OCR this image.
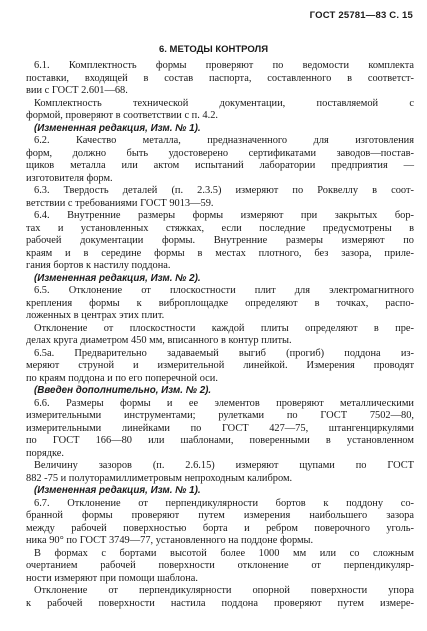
ГОСТ 25781—83 С. 15
6. МЕТОДЫ КОНТРОЛЯ
6.1. Комплектность формы проверяют по ведомости комплекта
поставки, входящей в состав паспорта, составленного в соответст-
вии с ГОСТ 2.601—68.
Комплектность технической документации, поставляемой с
формой, проверяют в соответствии с п. 4.2.
(Измененная редакция, Изм. № 1).
6.2. Качество металла, предназначенного для изготовления
форм, должно быть удостоверено сертификатами заводов—постав-
щиков металла или актом испытаний лаборатории предприятия —
изготовителя форм.
6.3. Твердость деталей (п. 2.3.5) измеряют по Роквеллу в соот-
ветствии с требованиями ГОСТ 9013—59.
6.4. Внутренние размеры формы измеряют при закрытых бор-
тах и установленных стяжках, если последние предусмотрены в
рабочей документации формы. Внутренние размеры измеряют по
краям и в середине формы в местах плотного, без зазора, приле-
гания бортов к настилу поддона.
(Измененная редакция, Изм. № 2).
6.5. Отклонение от плоскостности плит для электромагнитного
крепления формы к виброплощадке определяют в точках, распо-
ложенных в центрах этих плит.
Отклонение от плоскостности каждой плиты определяют в пре-
делах круга диаметром 450 мм, вписанного в контур плиты.
6.5а. Предварительно задаваемый выгиб (прогиб) поддона из-
меряют струной и измерительной линейкой. Измерения проводят
по краям поддона и по его поперечной оси.
(Введен дополнительно, Изм. № 2).
6.6. Размеры формы и ее элементов проверяют металлическими
измерительными инструментами; рулетками по ГОСТ 7502—80,
измерительными линейками по ГОСТ 427—75, штангенциркулями
по ГОСТ 166—80 или шаблонами, поверенными в установленном
порядке.
Величину зазоров (п. 2.6.15) измеряют щупами по ГОСТ
882 -75 и полуторамиллиметровым непроходным калибром.
(Измененная редакция, Изм. № 1).
6.7. Отклонение от перпендикулярности бортов к поддону со-
бранной формы проверяют путем измерения наибольшего зазора
между рабочей поверхностью борта и ребром поверочного уголь-
ника 90° по ГОСТ 3749—77, установленного на поддоне формы.
В формах с бортами высотой более 1000 мм или со сложным
очертанием рабочей поверхности отклонение от перпендикуляр-
ности измеряют при помощи шаблона.
Отклонение от перпендикулярности опорной поверхности упора
к рабочей поверхности настила поддона проверяют путем измере-
